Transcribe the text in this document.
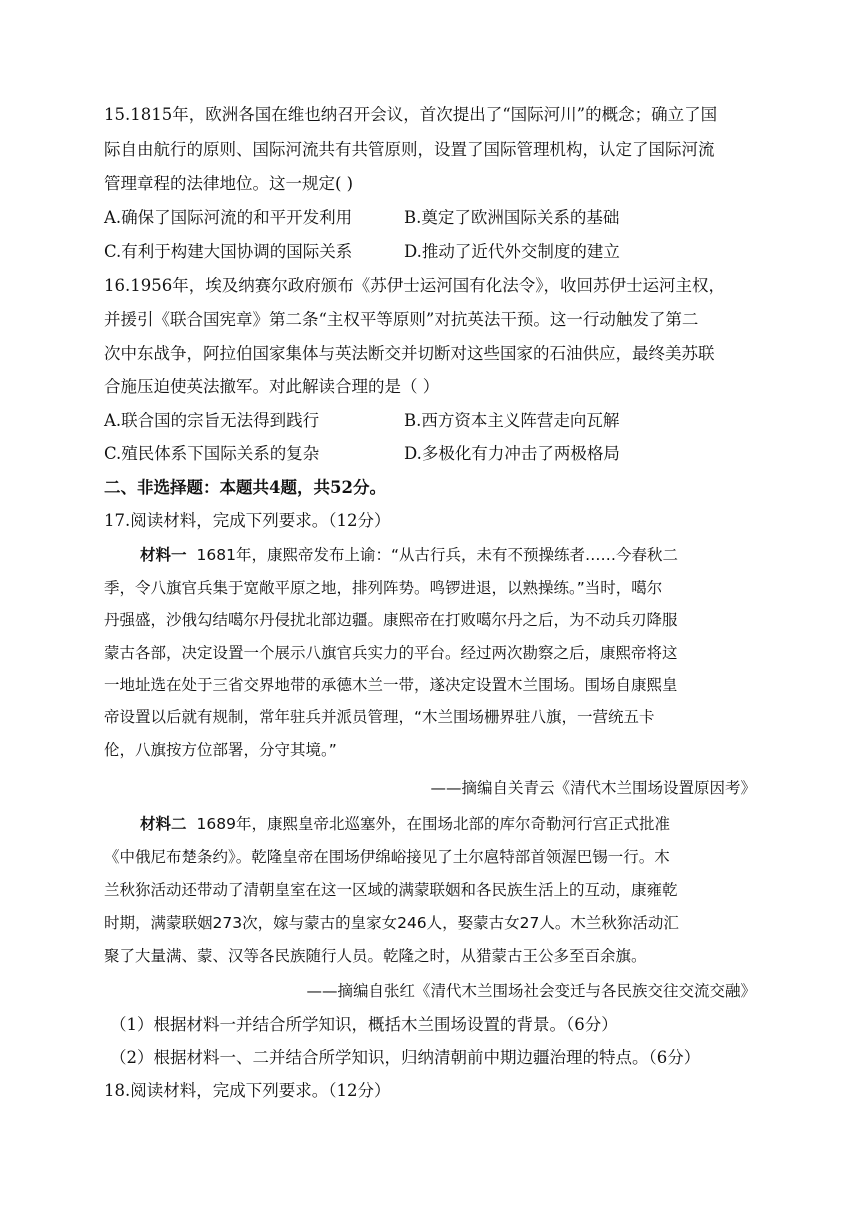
15.1815年，欧洲各国在维也纳召开会议，首次提出了“国际河川”的概念；确立了国
际自由航行的原则、国际河流共有共管原则，设置了国际管理机构，认定了国际河流
管理章程的法律地位。这一规定( )
A.确保了国际河流的和平开发利用	B.奠定了欧洲国际关系的基础
C.有利于构建大国协调的国际关系	D.推动了近代外交制度的建立
16.1956年，埃及纳赛尔政府颁布《苏伊士运河国有化法令》，收回苏伊士运河主权，
并援引《联合国宪章》第二条“主权平等原则”对抗英法干预。这一行动触发了第二
次中东战争，阿拉伯国家集体与英法断交并切断对这些国家的石油供应，最终美苏联
合施压迫使英法撤军。对此解读合理的是（ ）
A.联合国的宗旨无法得到践行	B.西方资本主义阵营走向瓦解
C.殖民体系下国际关系的复杂	D.多极化有力冲击了两极格局
二、非选择题：本题共4题，共52分。
17.阅读材料，完成下列要求。（12分）
材料一 1681年，康熙帝发布上谕：“从古行兵，未有不预操练者……今春秋二
季，令八旗官兵集于宽敞平原之地，排列阵势。鸣锣进退，以熟操练。”当时，噶尔
丹强盛，沙俄勾结噶尔丹侵扰北部边疆。康熙帝在打败噶尔丹之后，为不动兵刃降服
蒙古各部，决定设置一个展示八旗官兵实力的平台。经过两次勘察之后，康熙帝将这
一地址选在处于三省交界地带的承德木兰一带，遂决定设置木兰围场。围场自康熙皇
帝设置以后就有规制，常年驻兵并派员管理，“木兰围场栅界驻八旗，一营统五卡
伦，八旗按方位部署，分守其境。”
——摘编自关青云《清代木兰围场设置原因考》
材料二 1689年，康熙皇帝北巡塞外，在围场北部的库尔奇勒河行宫正式批准
《中俄尼布楚条约》。乾隆皇帝在围场伊绵峪接见了土尔扈特部首领渥巴锡一行。木
兰秋狝活动还带动了清朝皇室在这一区域的满蒙联姻和各民族生活上的互动，康雍乾
时期，满蒙联姻273次，嫁与蒙古的皇家女246人，娶蒙古女27人。木兰秋狝活动汇
聚了大量满、蒙、汉等各民族随行人员。乾隆之时，从猎蒙古王公多至百余旗。
——摘编自张红《清代木兰围场社会变迁与各民族交往交流交融》
（1）根据材料一并结合所学知识，概括木兰围场设置的背景。（6分）
（2）根据材料一、二并结合所学知识，归纳清朝前中期边疆治理的特点。（6分）
18.阅读材料，完成下列要求。（12分）
